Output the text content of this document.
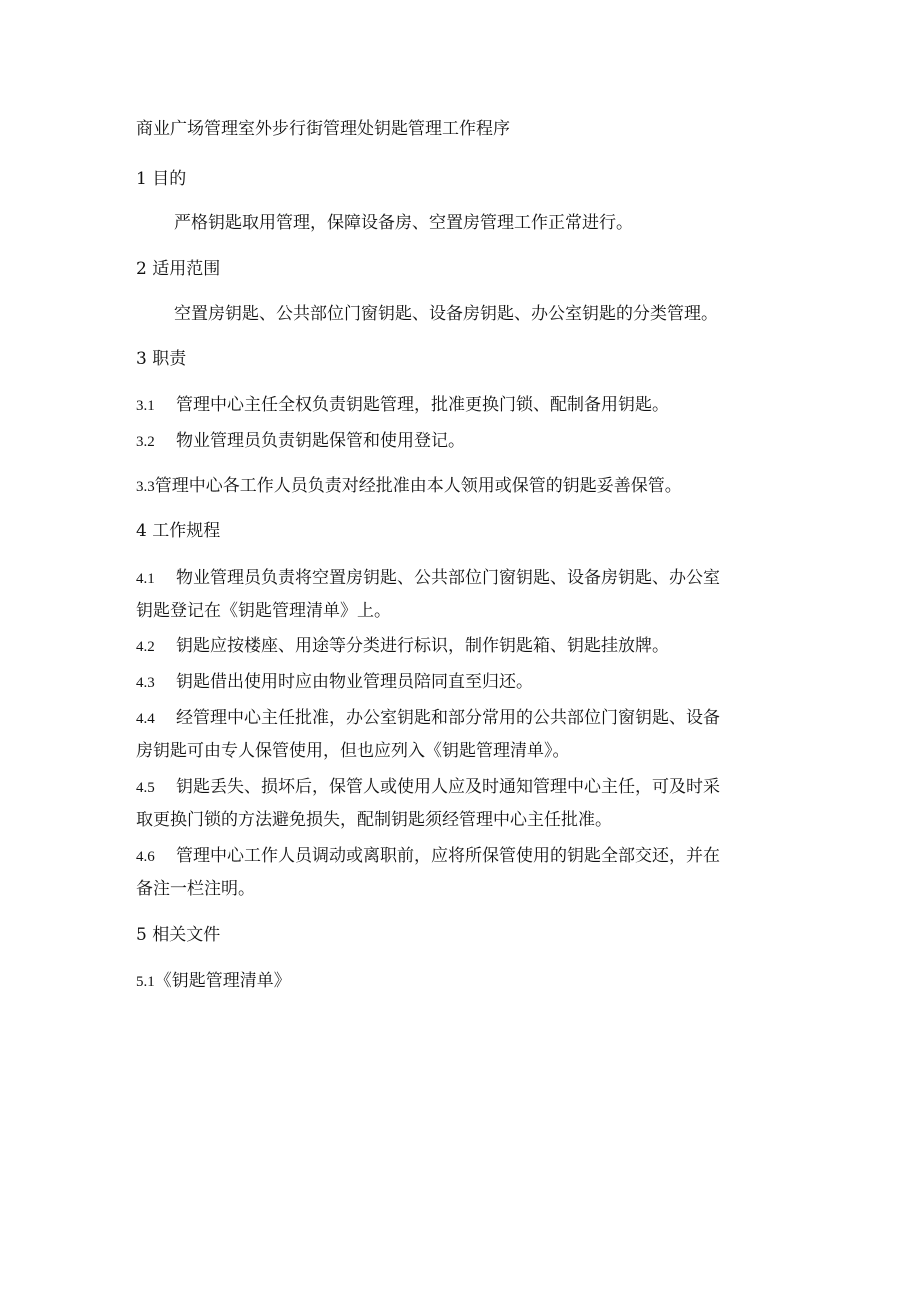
商业广场管理室外步行街管理处钥匙管理工作程序
1 目的
严格钥匙取用管理，保障设备房、空置房管理工作正常进行。
2 适用范围
空置房钥匙、公共部位门窗钥匙、设备房钥匙、办公室钥匙的分类管理。
3 职责
3.1 管理中心主任全权负责钥匙管理，批准更换门锁、配制备用钥匙。
3.2 物业管理员负责钥匙保管和使用登记。
3.3管理中心各工作人员负责对经批准由本人领用或保管的钥匙妥善保管。
4 工作规程
4.1 物业管理员负责将空置房钥匙、公共部位门窗钥匙、设备房钥匙、办公室
钥匙登记在《钥匙管理清单》上。
4.2 钥匙应按楼座、用途等分类进行标识，制作钥匙箱、钥匙挂放牌。
4.3 钥匙借出使用时应由物业管理员陪同直至归还。
4.4 经管理中心主任批准，办公室钥匙和部分常用的公共部位门窗钥匙、设备
房钥匙可由专人保管使用，但也应列入《钥匙管理清单》。
4.5 钥匙丢失、损坏后，保管人或使用人应及时通知管理中心主任，可及时采
取更换门锁的方法避免损失，配制钥匙须经管理中心主任批准。
4.6 管理中心工作人员调动或离职前，应将所保管使用的钥匙全部交还，并在
备注一栏注明。
5 相关文件
5.1《钥匙管理清单》
